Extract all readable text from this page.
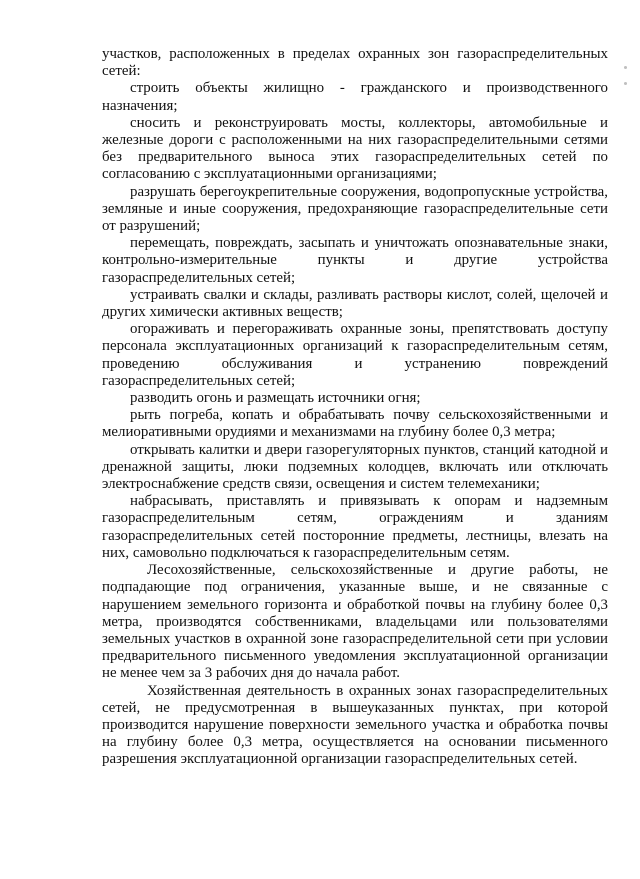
участков, расположенных в пределах охранных зон газораспределительных сетей:

строить объекты жилищно - гражданского и производственного назначения;

сносить и реконструировать мосты, коллекторы, автомобильные и железные дороги с расположенными на них газораспределительными сетями без предварительного выноса этих газораспределительных сетей по согласованию с эксплуатационными организациями;

разрушать берегоукрепительные сооружения, водопропускные устройства, земляные и иные сооружения, предохраняющие газораспределительные сети от разрушений;

перемещать, повреждать, засыпать и уничтожать опознавательные знаки, контрольно-измерительные пункты и другие устройства газораспределительных сетей;

устраивать свалки и склады, разливать растворы кислот, солей, щелочей и других химически активных веществ;

огораживать и перегораживать охранные зоны, препятствовать доступу персонала эксплуатационных организаций к газораспределительным сетям, проведению обслуживания и устранению повреждений газораспределительных сетей;

разводить огонь и размещать источники огня;

рыть погреба, копать и обрабатывать почву сельскохозяйственными и мелиоративными орудиями и механизмами на глубину более 0,3 метра;

открывать калитки и двери газорегуляторных пунктов, станций катодной и дренажной защиты, люки подземных колодцев, включать или отключать электроснабжение средств связи, освещения и систем телемеханики;

набрасывать, приставлять и привязывать к опорам и надземным газораспределительным сетям, ограждениям и зданиям газораспределительных сетей посторонние предметы, лестницы, влезать на них, самовольно подключаться к газораспределительным сетям.

Лесохозяйственные, сельскохозяйственные и другие работы, не подпадающие под ограничения, указанные выше, и не связанные с нарушением земельного горизонта и обработкой почвы на глубину более 0,3 метра, производятся собственниками, владельцами или пользователями земельных участков в охранной зоне газораспределительной сети при условии предварительного письменного уведомления эксплуатационной организации не менее чем за 3 рабочих дня до начала работ.

Хозяйственная деятельность в охранных зонах газораспределительных сетей, не предусмотренная в вышеуказанных пунктах, при которой производится нарушение поверхности земельного участка и обработка почвы на глубину более 0,3 метра, осуществляется на основании письменного разрешения эксплуатационной организации газораспределительных сетей.
